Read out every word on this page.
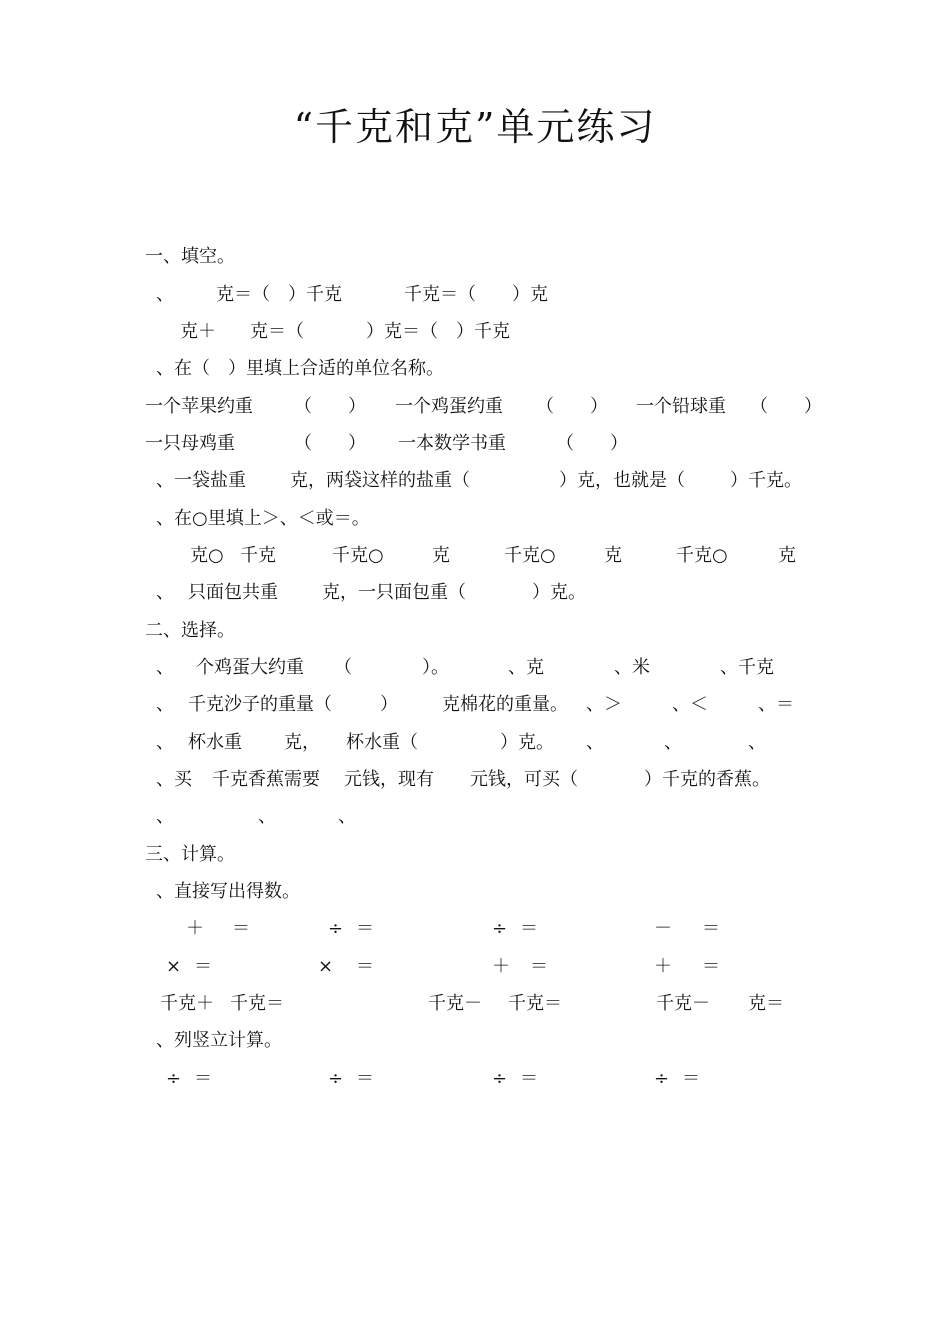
“千克和克”单元练习
一、填空。
、 克＝（　）千克	千克＝（　　）克
克＋ 克＝（	）克＝（　）千克
、在（　）里填上合适的单位名称。
一个苹果约重 （　　） 一个鸡蛋约重 （　　） 一个铅球重 （　　）
一只母鸡重	（　　） 一本数学书重	（　　）
、一袋盐重 克，两袋这样的盐重（	）克，也就是（	）千克。
、在○里填上＞、＜或＝。
克○ 千克	千克○	克	千克○	克	千克○	克
、 只面包共重 克，一只面包重（	）克。
二、选择。
、 个鸡蛋大约重 （	）。	、克	、米	、千克
、 千克沙子的重量（	） 克棉花的重量。 、＞	、＜	、＝
、 杯水重 克， 杯水重（	）克。 、	、	、
、买 千克香蕉需要 元钱，现有 元钱，可买（	）千克的香蕉。
、	、	、
三、计算。
、直接写出得数。
＋ ＝	÷ ＝	÷ ＝	－ ＝
× ＝	× ＝	＋ ＝	＋ ＝
千克＋ 千克＝	千克－ 千克＝	千克－ 克＝
、列竖立计算。
÷ ＝	÷ ＝	÷ ＝	÷ ＝
